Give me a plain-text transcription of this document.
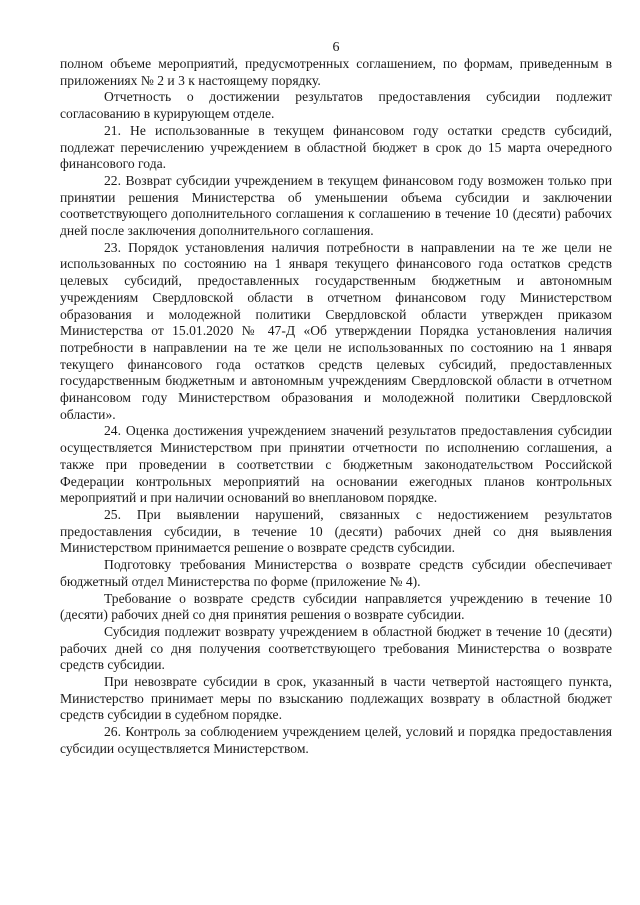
6

полном объеме мероприятий, предусмотренных соглашением, по формам, приведенным в приложениях № 2 и 3 к настоящему порядку.

Отчетность о достижении результатов предоставления субсидии подлежит согласованию в курирующем отделе.

21. Не использованные в текущем финансовом году остатки средств субсидий, подлежат перечислению учреждением в областной бюджет в срок до 15 марта очередного финансового года.

22. Возврат субсидии учреждением в текущем финансовом году возможен только при принятии решения Министерства об уменьшении объема субсидии и заключении соответствующего дополнительного соглашения к соглашению в течение 10 (десяти) рабочих дней после заключения дополнительного соглашения.

23. Порядок установления наличия потребности в направлении на те же цели не использованных по состоянию на 1 января текущего финансового года остатков средств целевых субсидий, предоставленных государственным бюджетным и автономным учреждениям Свердловской области в отчетном финансовом году Министерством образования и молодежной политики Свердловской области утвержден приказом Министерства от 15.01.2020 № 47-Д «Об утверждении Порядка установления наличия потребности в направлении на те же цели не использованных по состоянию на 1 января текущего финансового года остатков средств целевых субсидий, предоставленных государственным бюджетным и автономным учреждениям Свердловской области в отчетном финансовом году Министерством образования и молодежной политики Свердловской области».

24. Оценка достижения учреждением значений результатов предоставления субсидии осуществляется Министерством при принятии отчетности по исполнению соглашения, а также при проведении в соответствии с бюджетным законодательством Российской Федерации контрольных мероприятий на основании ежегодных планов контрольных мероприятий и при наличии оснований во внеплановом порядке.

25. При выявлении нарушений, связанных с недостижением результатов предоставления субсидии, в течение 10 (десяти) рабочих дней со дня выявления Министерством принимается решение о возврате средств субсидии.

Подготовку требования Министерства о возврате средств субсидии обеспечивает бюджетный отдел Министерства по форме (приложение № 4).

Требование о возврате средств субсидии направляется учреждению в течение 10 (десяти) рабочих дней со дня принятия решения о возврате субсидии.

Субсидия подлежит возврату учреждением в областной бюджет в течение 10 (десяти) рабочих дней со дня получения соответствующего требования Министерства о возврате средств субсидии.

При невозврате субсидии в срок, указанный в части четвертой настоящего пункта, Министерство принимает меры по взысканию подлежащих возврату в областной бюджет средств субсидии в судебном порядке.

26. Контроль за соблюдением учреждением целей, условий и порядка предоставления субсидии осуществляется Министерством.
